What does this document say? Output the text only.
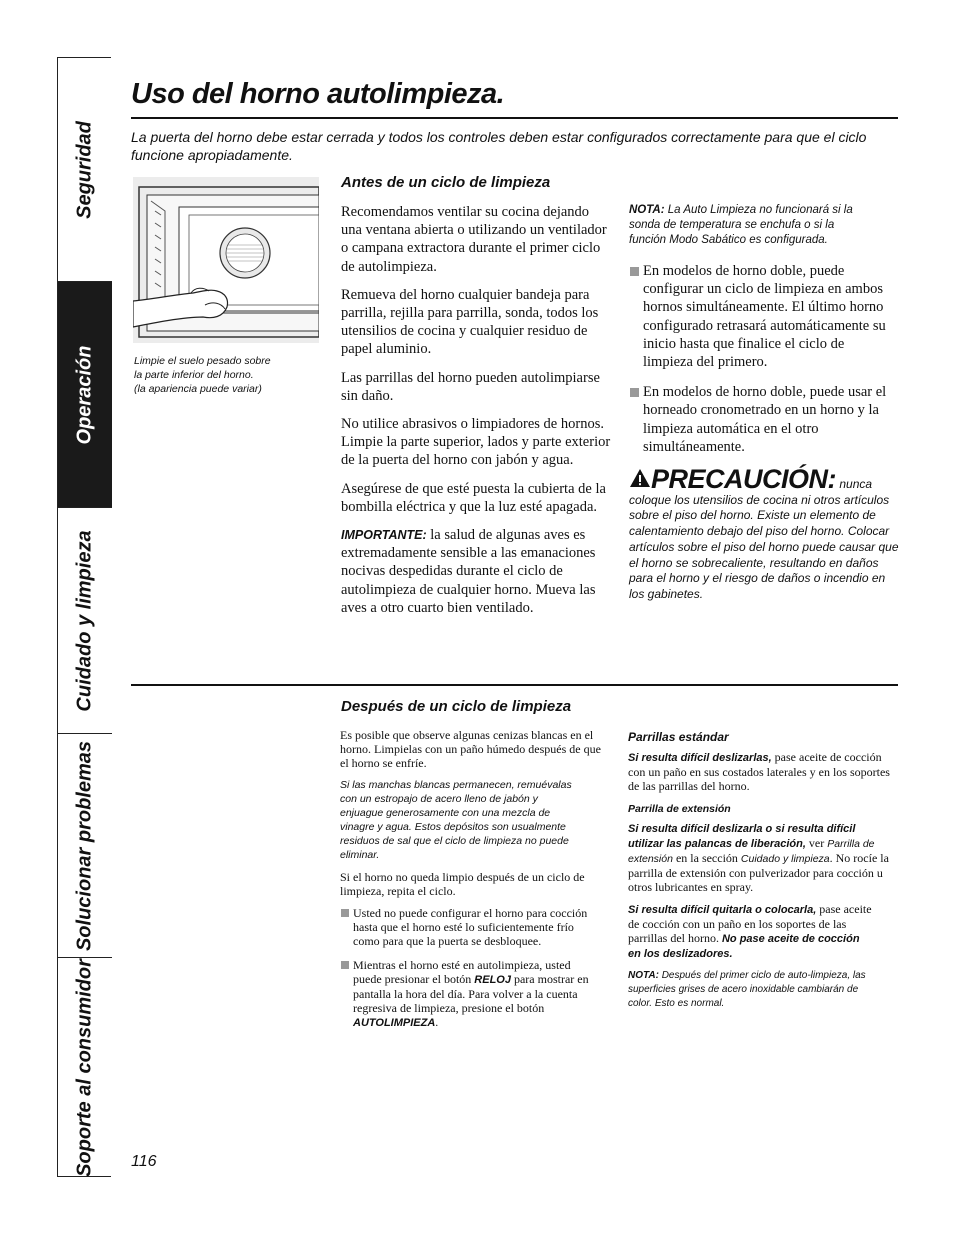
Seguridad
Operación
Cuidado y limpieza
Solucionar problemas
Soporte al consumidor
Uso del horno autolimpieza.
La puerta del horno debe estar cerrada y todos los controles deben estar configurados correctamente para que el ciclo funcione apropiadamente.
Limpie el suelo pesado sobre
la parte inferior del horno.
(la apariencia puede variar)
Antes de un ciclo de limpieza

Recomendamos ventilar su cocina dejando una ventana abierta o utilizando un ventilador o campana extractora durante el primer ciclo de autolimpieza.

Remueva del horno cualquier bandeja para parrilla, rejilla para parrilla, sonda, todos los utensilios de cocina y cualquier residuo de papel aluminio.

Las parrillas del horno pueden autolimpiarse sin daño.

No utilice abrasivos o limpiadores de hornos. Limpie la parte superior, lados y parte exterior de la puerta del horno con jabón y agua.

Asegúrese de que esté puesta la cubierta de la bombilla eléctrica y que la luz esté apagada.

IMPORTANTE: la salud de algunas aves es extremadamente sensible a las emanaciones nocivas despedidas durante el ciclo de autolimpieza de cualquier horno. Mueva las aves a otro cuarto bien ventilado.

NOTA: La Auto Limpieza no funcionará si la sonda de temperatura se enchufa o si la función Modo Sabático es configurada.
En modelos de horno doble, puede configurar un ciclo de limpieza en ambos hornos simultáneamente. El último horno configurado retrasará automáticamente su inicio hasta que finalice el ciclo de limpieza del primero.
En modelos de horno doble, puede usar el horneado cronometrado en un horno y la limpieza automática en el otro simultáneamente.

PRECAUCIÓN: nunca coloque los utensilios de cocina ni otros artículos sobre el piso del horno. Existe un elemento de calentamiento debajo del piso del horno. Colocar artículos sobre el piso del horno puede causar que el horno se sobrecaliente, resultando en daños para el horno y el riesgo de daños o incendio en los gabinetes.

Después de un ciclo de limpieza

Es posible que observe algunas cenizas blancas en el horno. Limpielas con un paño húmedo después de que el horno se enfríe.

Si las manchas blancas permanecen, remuévalas con un estropajo de acero lleno de jabón y enjuague generosamente con una mezcla de vinagre y agua. Estos depósitos son usualmente residuos de sal que el ciclo de limpieza no puede eliminar.

Si el horno no queda limpio después de un ciclo de limpieza, repita el ciclo.

Usted no puede configurar el horno para cocción hasta que el horno esté lo suficientemente frío como para que la puerta se desbloquee.
Mientras el horno esté en autolimpieza, usted puede presionar el botón RELOJ para mostrar en pantalla la hora del día. Para volver a la cuenta regresiva de limpieza, presione el botón AUTOLIMPIEZA.

Parrillas estándar

Si resulta difícil deslizarlas, pase aceite de cocción con un paño en sus costados laterales y en los soportes de las parrillas del horno.

Parrilla de extensión

Si resulta difícil deslizarla o si resulta difícil utilizar las palancas de liberación, ver Parrilla de extensión en la sección Cuidado y limpieza. No rocíe la parrilla de extensión con pulverizador para cocción u otros lubricantes en spray.

Si resulta difícil quitarla o colocarla, pase aceite de cocción con un paño en los soportes de las parrillas del horno. No pase aceite de cocción en los deslizadores.

NOTA: Después del primer ciclo de auto-limpieza, las superficies grises de acero inoxidable cambiarán de color. Esto es normal.

116
